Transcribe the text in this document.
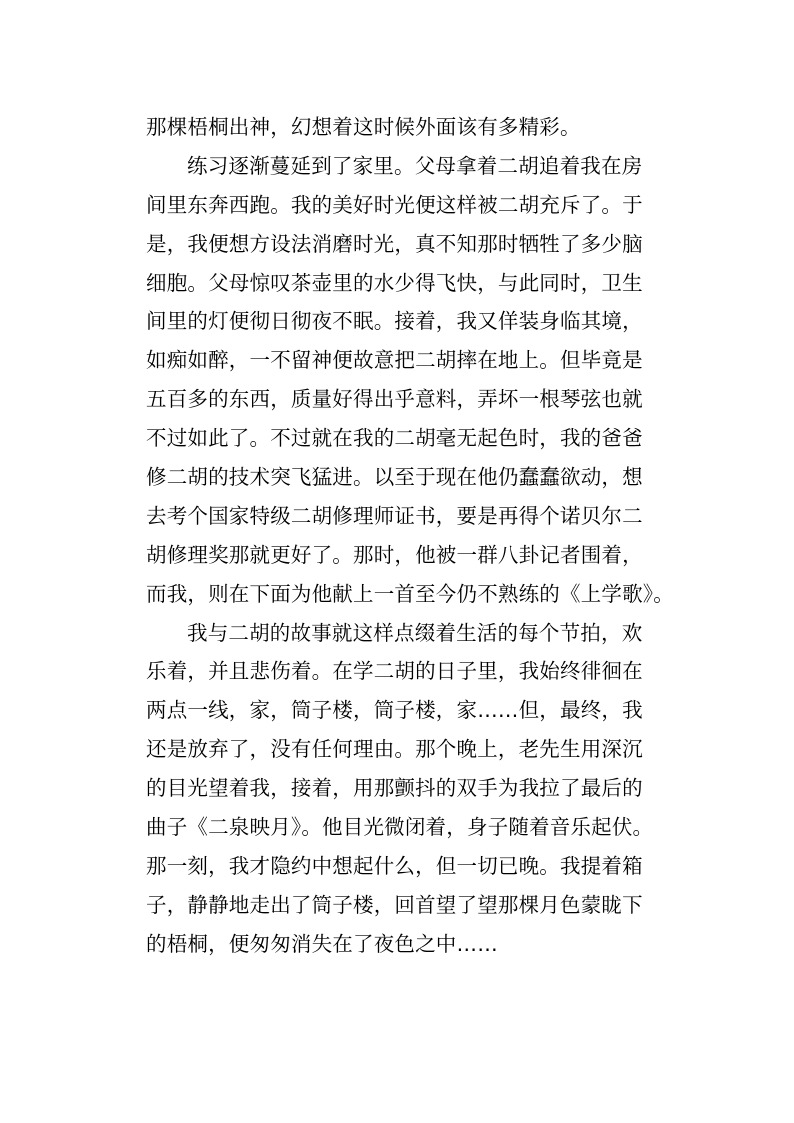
那棵梧桐出神，幻想着这时候外面该有多精彩。
练习逐渐蔓延到了家里。父母拿着二胡追着我在房
间里东奔西跑。我的美好时光便这样被二胡充斥了。于
是，我便想方设法消磨时光，真不知那时牺牲了多少脑
细胞。父母惊叹茶壶里的水少得飞快，与此同时，卫生
间里的灯便彻日彻夜不眠。接着，我又佯装身临其境，
如痴如醉，一不留神便故意把二胡摔在地上。但毕竟是
五百多的东西，质量好得出乎意料，弄坏一根琴弦也就
不过如此了。不过就在我的二胡毫无起色时，我的爸爸
修二胡的技术突飞猛进。以至于现在他仍蠢蠢欲动，想
去考个国家特级二胡修理师证书，要是再得个诺贝尔二
胡修理奖那就更好了。那时，他被一群八卦记者围着，
而我，则在下面为他献上一首至今仍不熟练的《上学歌》。
我与二胡的故事就这样点缀着生活的每个节拍，欢
乐着，并且悲伤着。在学二胡的日子里，我始终徘徊在
两点一线，家，筒子楼，筒子楼，家……但，最终，我
还是放弃了，没有任何理由。那个晚上，老先生用深沉
的目光望着我，接着，用那颤抖的双手为我拉了最后的
曲子《二泉映月》。他目光微闭着，身子随着音乐起伏。
那一刻，我才隐约中想起什么，但一切已晚。我提着箱
子，静静地走出了筒子楼，回首望了望那棵月色蒙眬下
的梧桐，便匆匆消失在了夜色之中……
